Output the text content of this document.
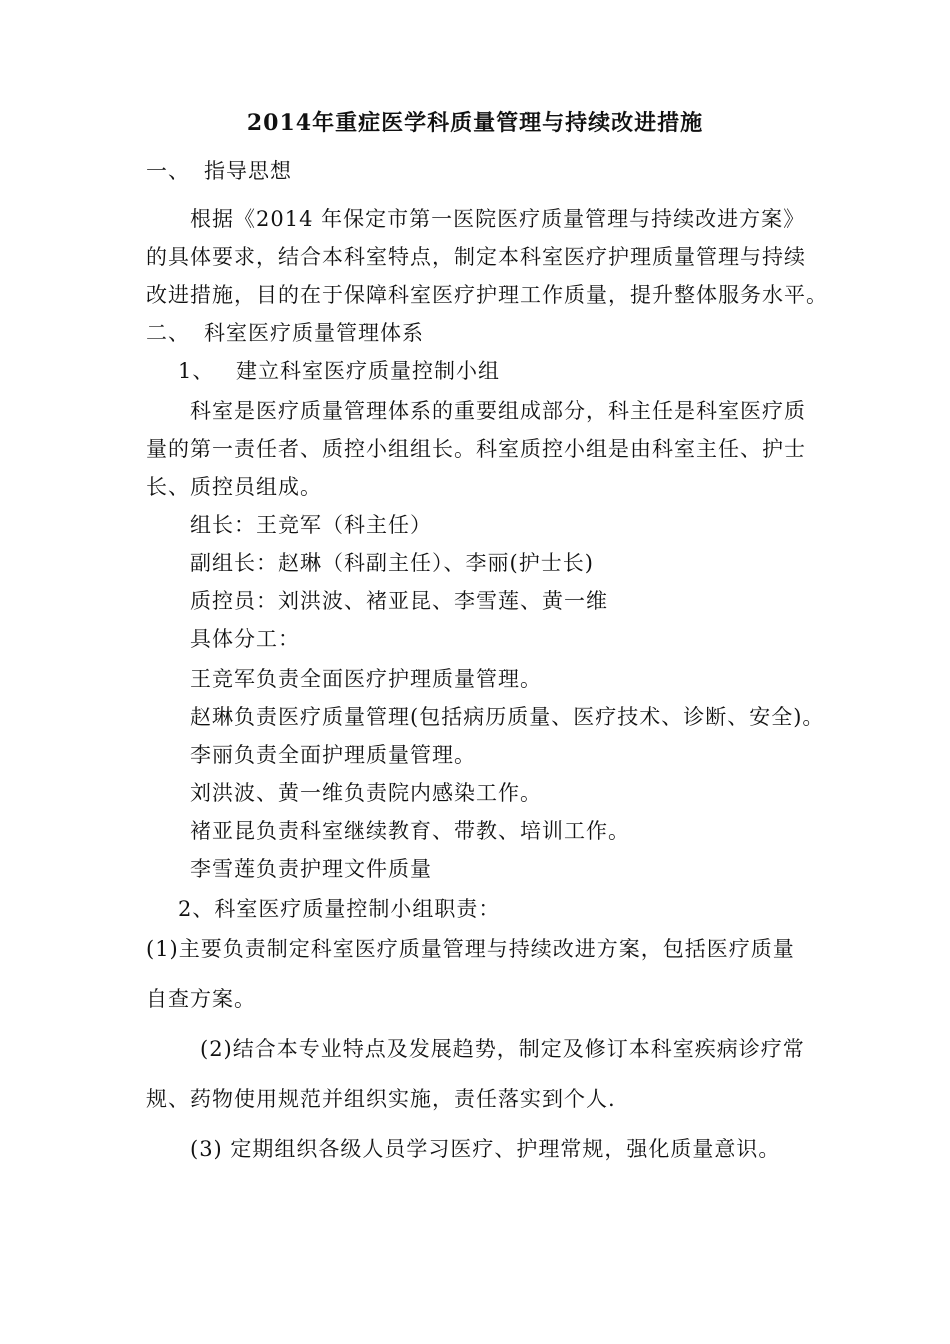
2014年重症医学科质量管理与持续改进措施
一、 指导思想
根据《2014 年保定市第一医院医疗质量管理与持续改进方案》
的具体要求，结合本科室特点，制定本科室医疗护理质量管理与持续
改进措施，目的在于保障科室医疗护理工作质量，提升整体服务水平。
二、 科室医疗质量管理体系
1、 建立科室医疗质量控制小组
科室是医疗质量管理体系的重要组成部分，科主任是科室医疗质
量的第一责任者、质控小组组长。科室质控小组是由科室主任、护士
长、质控员组成。
组长：王竞军（科主任）
副组长：赵琳（科副主任）、李丽(护士长)
质控员：刘洪波、褚亚昆、李雪莲、黄一维
具体分工：
王竞军负责全面医疗护理质量管理。
赵琳负责医疗质量管理(包括病历质量、医疗技术、诊断、安全)。
李丽负责全面护理质量管理。
刘洪波、黄一维负责院内感染工作。
褚亚昆负责科室继续教育、带教、培训工作。
李雪莲负责护理文件质量
2、科室医疗质量控制小组职责：
(1)主要负责制定科室医疗质量管理与持续改进方案，包括医疗质量
自查方案。
(2)结合本专业特点及发展趋势，制定及修订本科室疾病诊疗常
规、药物使用规范并组织实施，责任落实到个人.
(3) 定期组织各级人员学习医疗、护理常规，强化质量意识。
